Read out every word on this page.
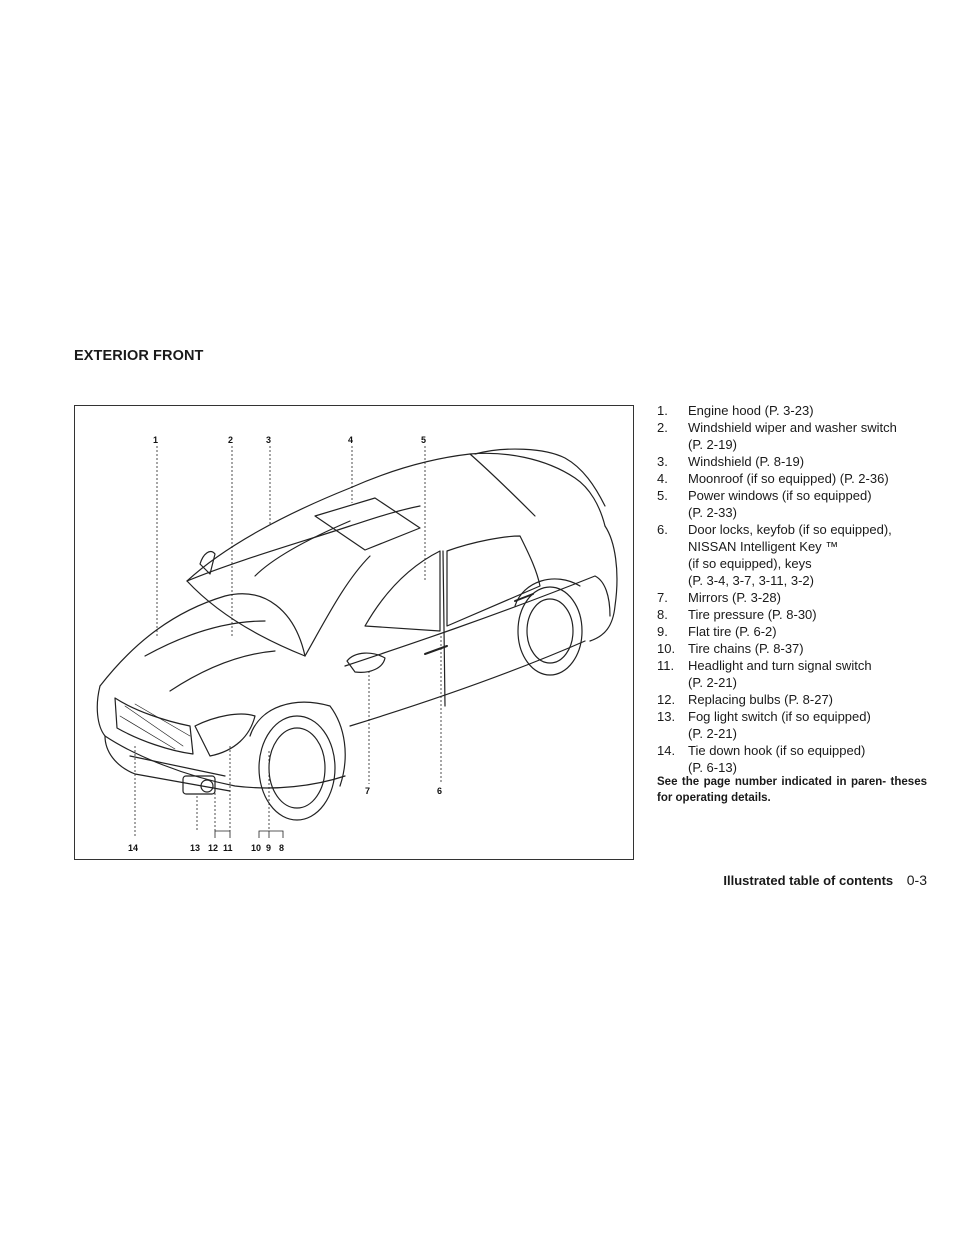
EXTERIOR FRONT
1	2	3	4	5
7	6
14	13 12 11 10 9 8
1. Engine hood (P. 3-23)
2. Windshield wiper and washer switch
(P. 2-19)
3. Windshield (P. 8-19)
4. Moonroof (if so equipped) (P. 2-36)
5. Power windows (if so equipped)
(P. 2-33)
6. Door locks, keyfob (if so equipped),
NISSAN Intelligent Key ™
(if so equipped), keys
(P. 3-4, 3-7, 3-11, 3-2)
7. Mirrors (P. 3-28)
8. Tire pressure (P. 8-30)
9. Flat tire (P. 6-2)
10. Tire chains (P. 8-37)
11. Headlight and turn signal switch
(P. 2-21)
12. Replacing bulbs (P. 8-27)
13. Fog light switch (if so equipped)
(P. 2-21)
14. Tie down hook (if so equipped)
(P. 6-13)
See the page number indicated in paren- theses for operating details.
Illustrated table of contents 0-3
